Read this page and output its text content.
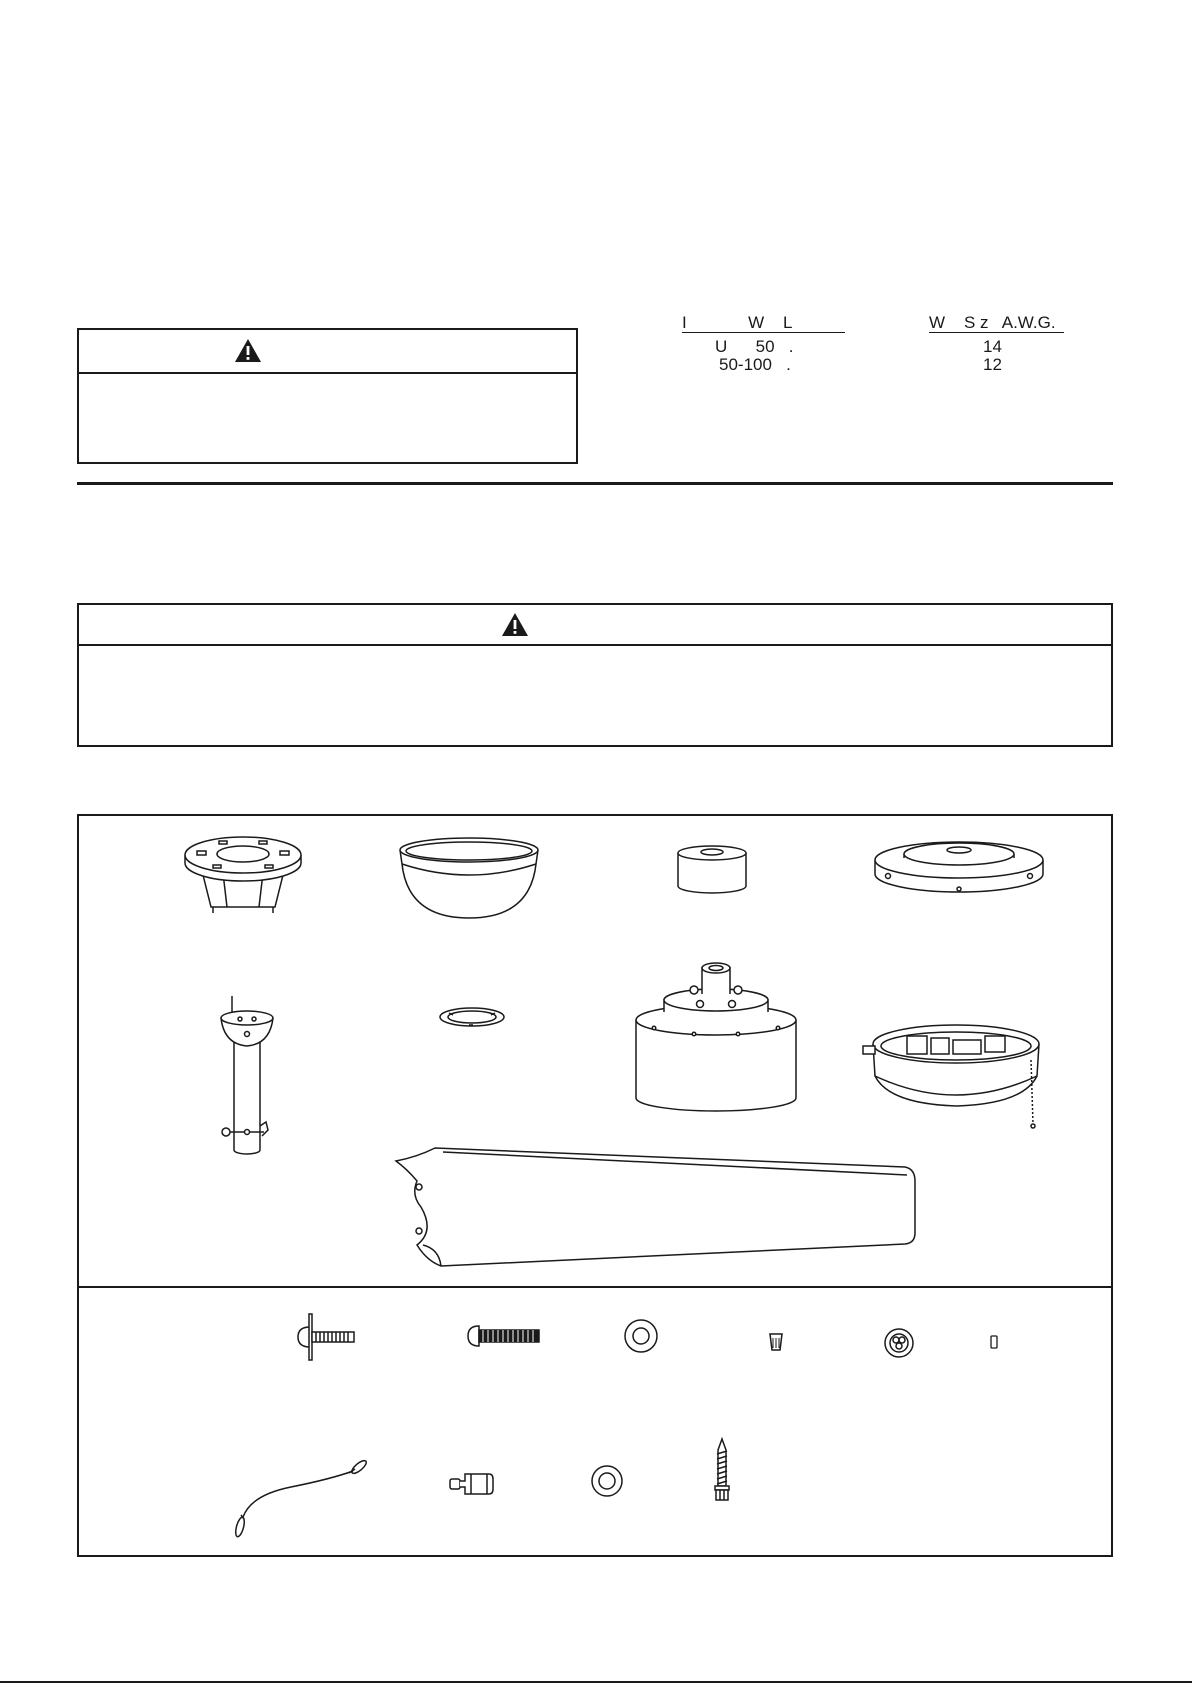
I             W    L	W    S z   A.W.G.
U      50   .	14
50-100   .	12
